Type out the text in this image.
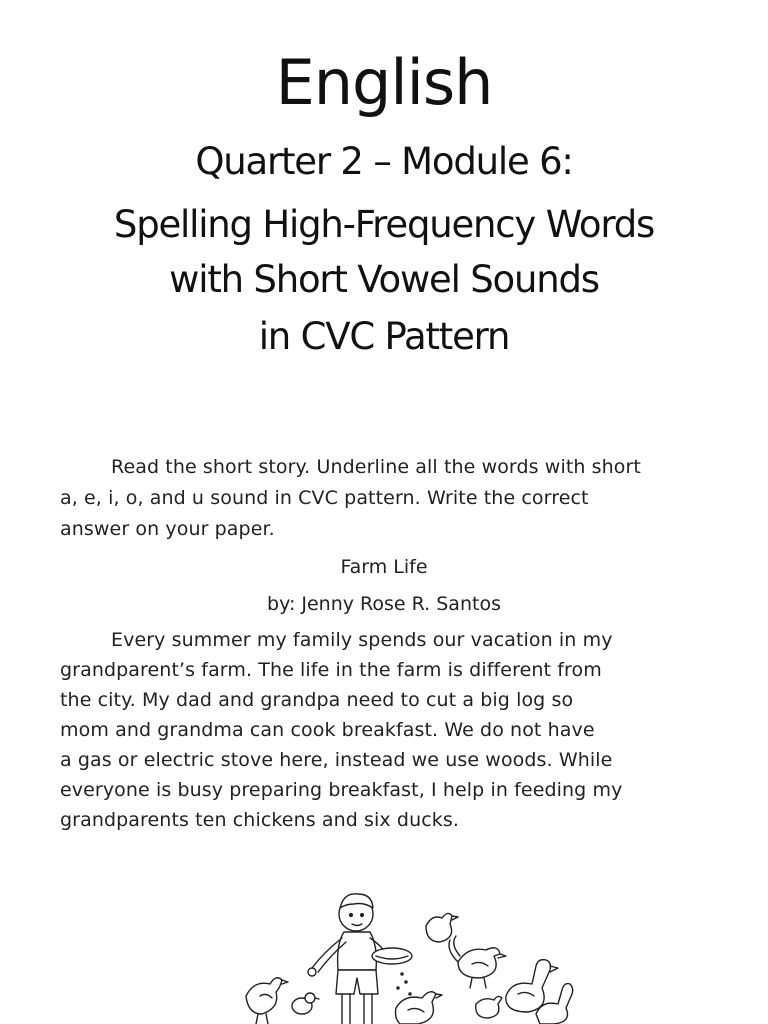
English
Quarter 2 – Module 6:
Spelling High-Frequency Words
with Short Vowel Sounds
in CVC Pattern
Read the short story. Underline all the words with short
a, e, i, o, and u sound in CVC pattern. Write the correct
answer on your paper.
Farm Life
by: Jenny Rose R. Santos
Every summer my family spends our vacation in my
grandparent’s farm. The life in the farm is different from
the city. My dad and grandpa need to cut a big log so
mom and grandma can cook breakfast. We do not have
a gas or electric stove here, instead we use woods. While
everyone is busy preparing breakfast, I help in feeding my
grandparents ten chickens and six ducks.
